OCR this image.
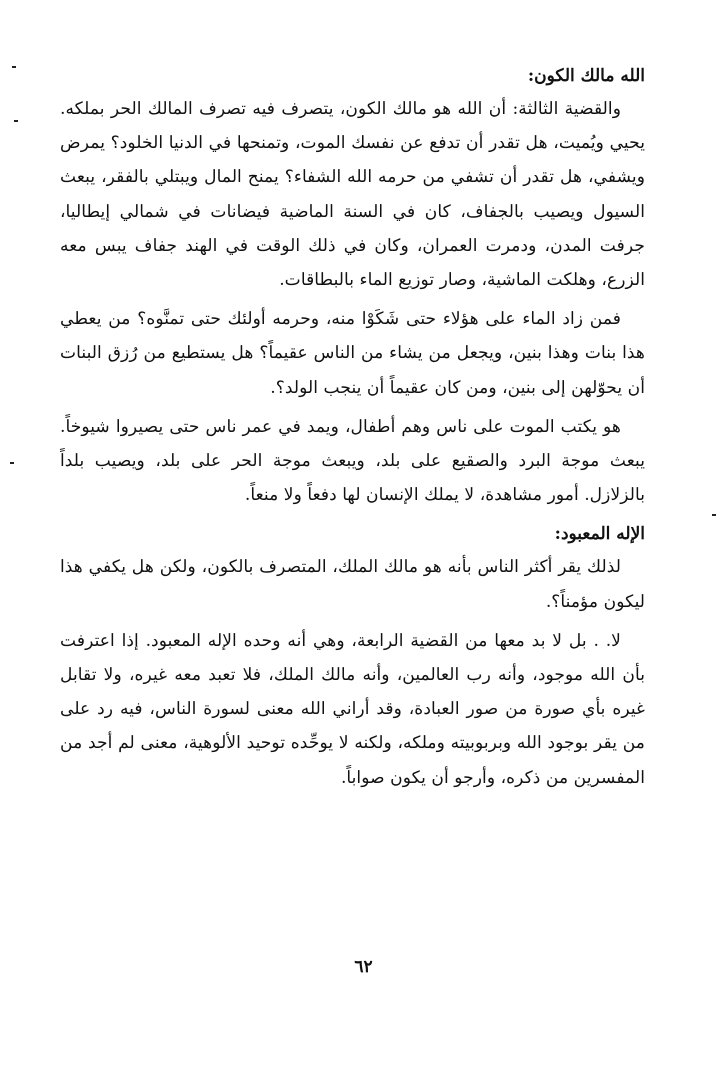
الله مالك الكون:

والقضية الثالثة: أن الله هو مالك الكون، يتصرف فيه تصرف المالك الحر بملكه. يحيي ويُميت، هل تقدر أن تدفع عن نفسك الموت، وتمنحها في الدنيا الخلود؟ يمرض ويشفي، هل تقدر أن تشفي من حرمه الله الشفاء؟ يمنح المال ويبتلي بالفقر، يبعث السيول ويصيب بالجفاف، كان في السنة الماضية فيضانات في شمالي إيطاليا، جرفت المدن، ودمرت العمران، وكان في ذلك الوقت في الهند جفاف يبس معه الزرع، وهلكت الماشية، وصار توزيع الماء بالبطاقات.

فمن زاد الماء على هؤلاء حتى شَكَوْا منه، وحرمه أولئك حتى تمنَّوه؟ من يعطي هذا بنات وهذا بنين، ويجعل من يشاء من الناس عقيماً؟ هل يستطيع من رُزق البنات أن يحوّلهن إلى بنين، ومن كان عقيماً أن ينجب الولد؟.

هو يكتب الموت على ناس وهم أطفال، ويمد في عمر ناس حتى يصيروا شيوخاً. يبعث موجة البرد والصقيع على بلد، ويبعث موجة الحر على بلد، ويصيب بلداً بالزلازل. أمور مشاهدة، لا يملك الإنسان لها دفعاً ولا منعاً.

الإله المعبود:

لذلك يقر أكثر الناس بأنه هو مالك الملك، المتصرف بالكون، ولكن هل يكفي هذا ليكون مؤمناً؟.

لا. . بل لا بد معها من القضية الرابعة، وهي أنه وحده الإله المعبود. إذا اعترفت بأن الله موجود، وأنه رب العالمين، وأنه مالك الملك، فلا تعبد معه غيره، ولا تقابل غيره بأي صورة من صور العبادة، وقد أراني الله معنى لسورة الناس، فيه رد على من يقر بوجود الله وبربوبيته وملكه، ولكنه لا يوحِّده توحيد الألوهية، معنى لم أجد من المفسرين من ذكره، وأرجو أن يكون صواباً.

٦٢
